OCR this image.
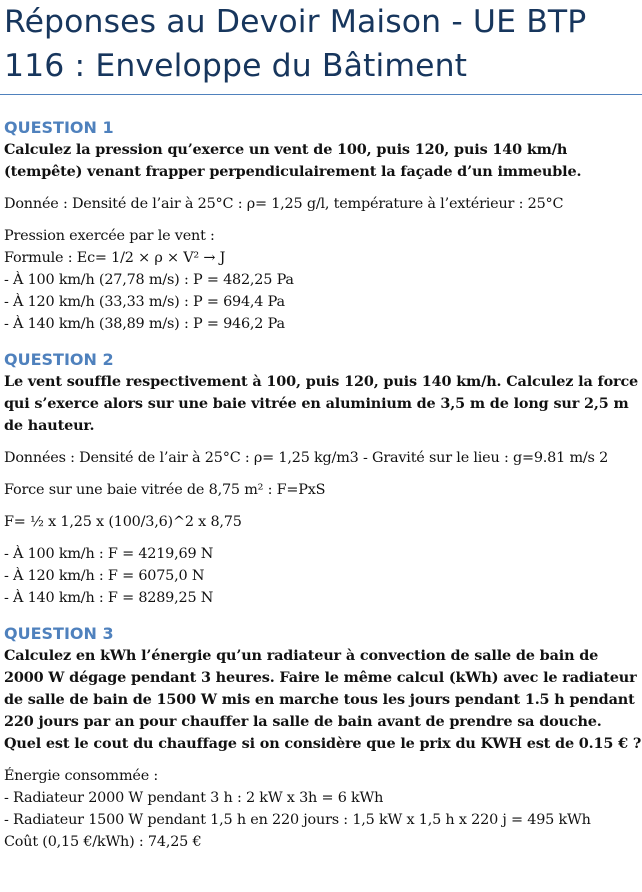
Réponses au Devoir Maison - UE BTP
116 : Enveloppe du Bâtiment
QUESTION 1

Calculez la pression qu’exerce un vent de 100, puis 120, puis 140 km/h (tempête) venant frapper perpendiculairement la façade d’un immeuble.

Donnée : Densité de l’air à 25°C : ρ= 1,25 g/l, température à l’extérieur : 25°C

Pression exercée par le vent :

Formule : Ec= 1/2 × ρ × V² → J

- À 100 km/h (27,78 m/s) : P = 482,25 Pa

- À 120 km/h (33,33 m/s) : P = 694,4 Pa

- À 140 km/h (38,89 m/s) : P = 946,2 Pa

QUESTION 2

Le vent souffle respectivement à 100, puis 120, puis 140 km/h. Calculez la force qui s’exerce alors sur une baie vitrée en aluminium de 3,5 m de long sur 2,5 m de hauteur.

Données : Densité de l’air à 25°C : ρ= 1,25 kg/m3 - Gravité sur le lieu : g=9.81 m/s 2

Force sur une baie vitrée de 8,75 m² : F=PxS

F= ½ x 1,25 x (100/3,6)^2 x 8,75

- À 100 km/h : F = 4219,69 N

- À 120 km/h : F = 6075,0 N

- À 140 km/h : F = 8289,25 N

QUESTION 3

Calculez en kWh l’énergie qu’un radiateur à convection de salle de bain de 2000 W dégage pendant 3 heures. Faire le même calcul (kWh) avec le radiateur de salle de bain de 1500 W mis en marche tous les jours pendant 1.5 h pendant 220 jours par an pour chauffer la salle de bain avant de prendre sa douche. Quel est le cout du chauffage si on considère que le prix du KWH est de 0.15 € ?

Énergie consommée :

- Radiateur 2000 W pendant 3 h : 2 kW x 3h = 6 kWh

- Radiateur 1500 W pendant 1,5 h en 220 jours : 1,5 kW x 1,5 h x 220 j = 495 kWh

Coût (0,15 €/kWh) : 74,25 €
